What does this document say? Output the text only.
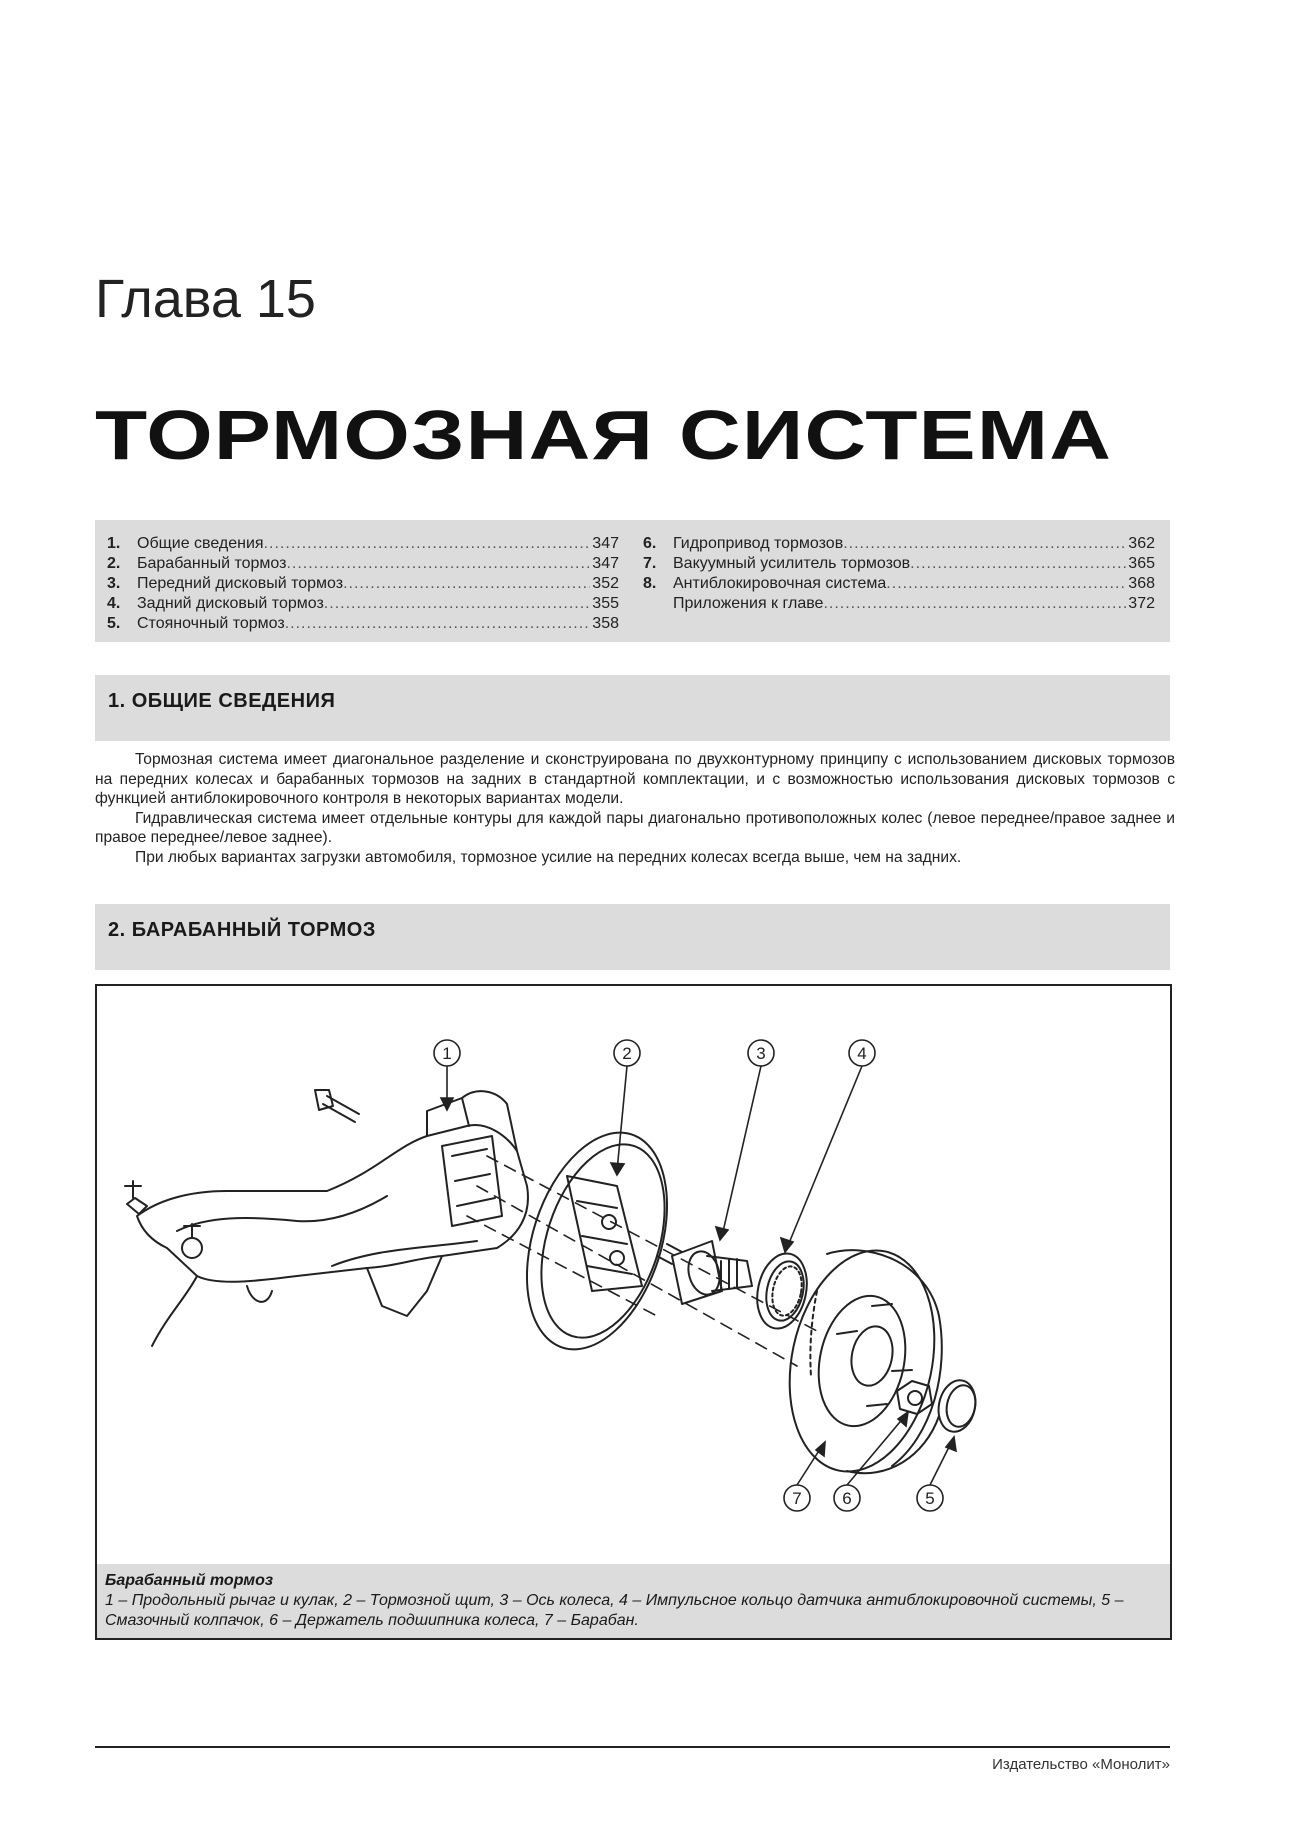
Глава 15
ТОРМОЗНАЯ СИСТЕМА
1.	Общие сведения .....	347
2.	Барабанный тормоз .....	347
3.	Передний дисковый тормоз .....	352
4.	Задний дисковый тормоз .....	355
5.	Стояночный тормоз .....	358
6.	Гидропривод тормозов .....	362
7.	Вакуумный усилитель тормозов .....	365
8.	Антиблокировочная система .....	368
Приложения к главе .....	372
1. ОБЩИЕ СВЕДЕНИЯ

Тормозная система имеет диагональное разделение и сконструирована по двухконтурному принципу с использованием дисковых тормозов на передних колесах и барабанных тормозов на задних в стандартной комплектации, и с возможностью использования дисковых тормозов с функцией антиблокировочного контроля в некоторых вариантах модели.

Гидравлическая система имеет отдельные контуры для каждой пары диагонально противоположных колес (левое переднее/правое заднее и правое переднее/левое заднее).

При любых вариантах загрузки автомобиля, тормозное усилие на передних колесах всегда выше, чем на задних.

2. БАРАБАННЫЙ ТОРМОЗ
1	2	3	4
5
6
7
Барабанный тормоз
1 – Продольный рычаг и кулак, 2 – Тормозной щит, 3 – Ось колеса, 4 – Импульсное кольцо датчика антиблокировочной системы, 5 – Смазочный колпачок, 6 – Держатель подшипника колеса, 7 – Барабан.
Издательство «Монолит»
